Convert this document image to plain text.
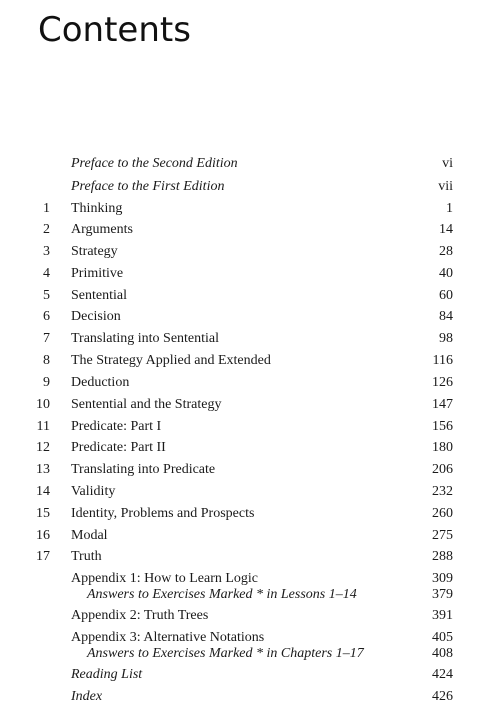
Contents
Preface to the Second Edition	vi
Preface to the First Edition	vii
1 Thinking	1
2 Arguments	14
3 Strategy	28
4 Primitive	40
5 Sentential	60
6 Decision	84
7 Translating into Sentential	98
8 The Strategy Applied and Extended	116
9 Deduction	126
10 Sentential and the Strategy	147
11 Predicate: Part I	156
12 Predicate: Part II	180
13 Translating into Predicate	206
14 Validity	232
15 Identity, Problems and Prospects	260
16 Modal	275
17 Truth	288
Appendix 1: How to Learn Logic	309
Answers to Exercises Marked * in Lessons 1–14	379
Appendix 2: Truth Trees	391
Appendix 3: Alternative Notations	405
Answers to Exercises Marked * in Chapters 1–17	408
Reading List	424
Index	426
